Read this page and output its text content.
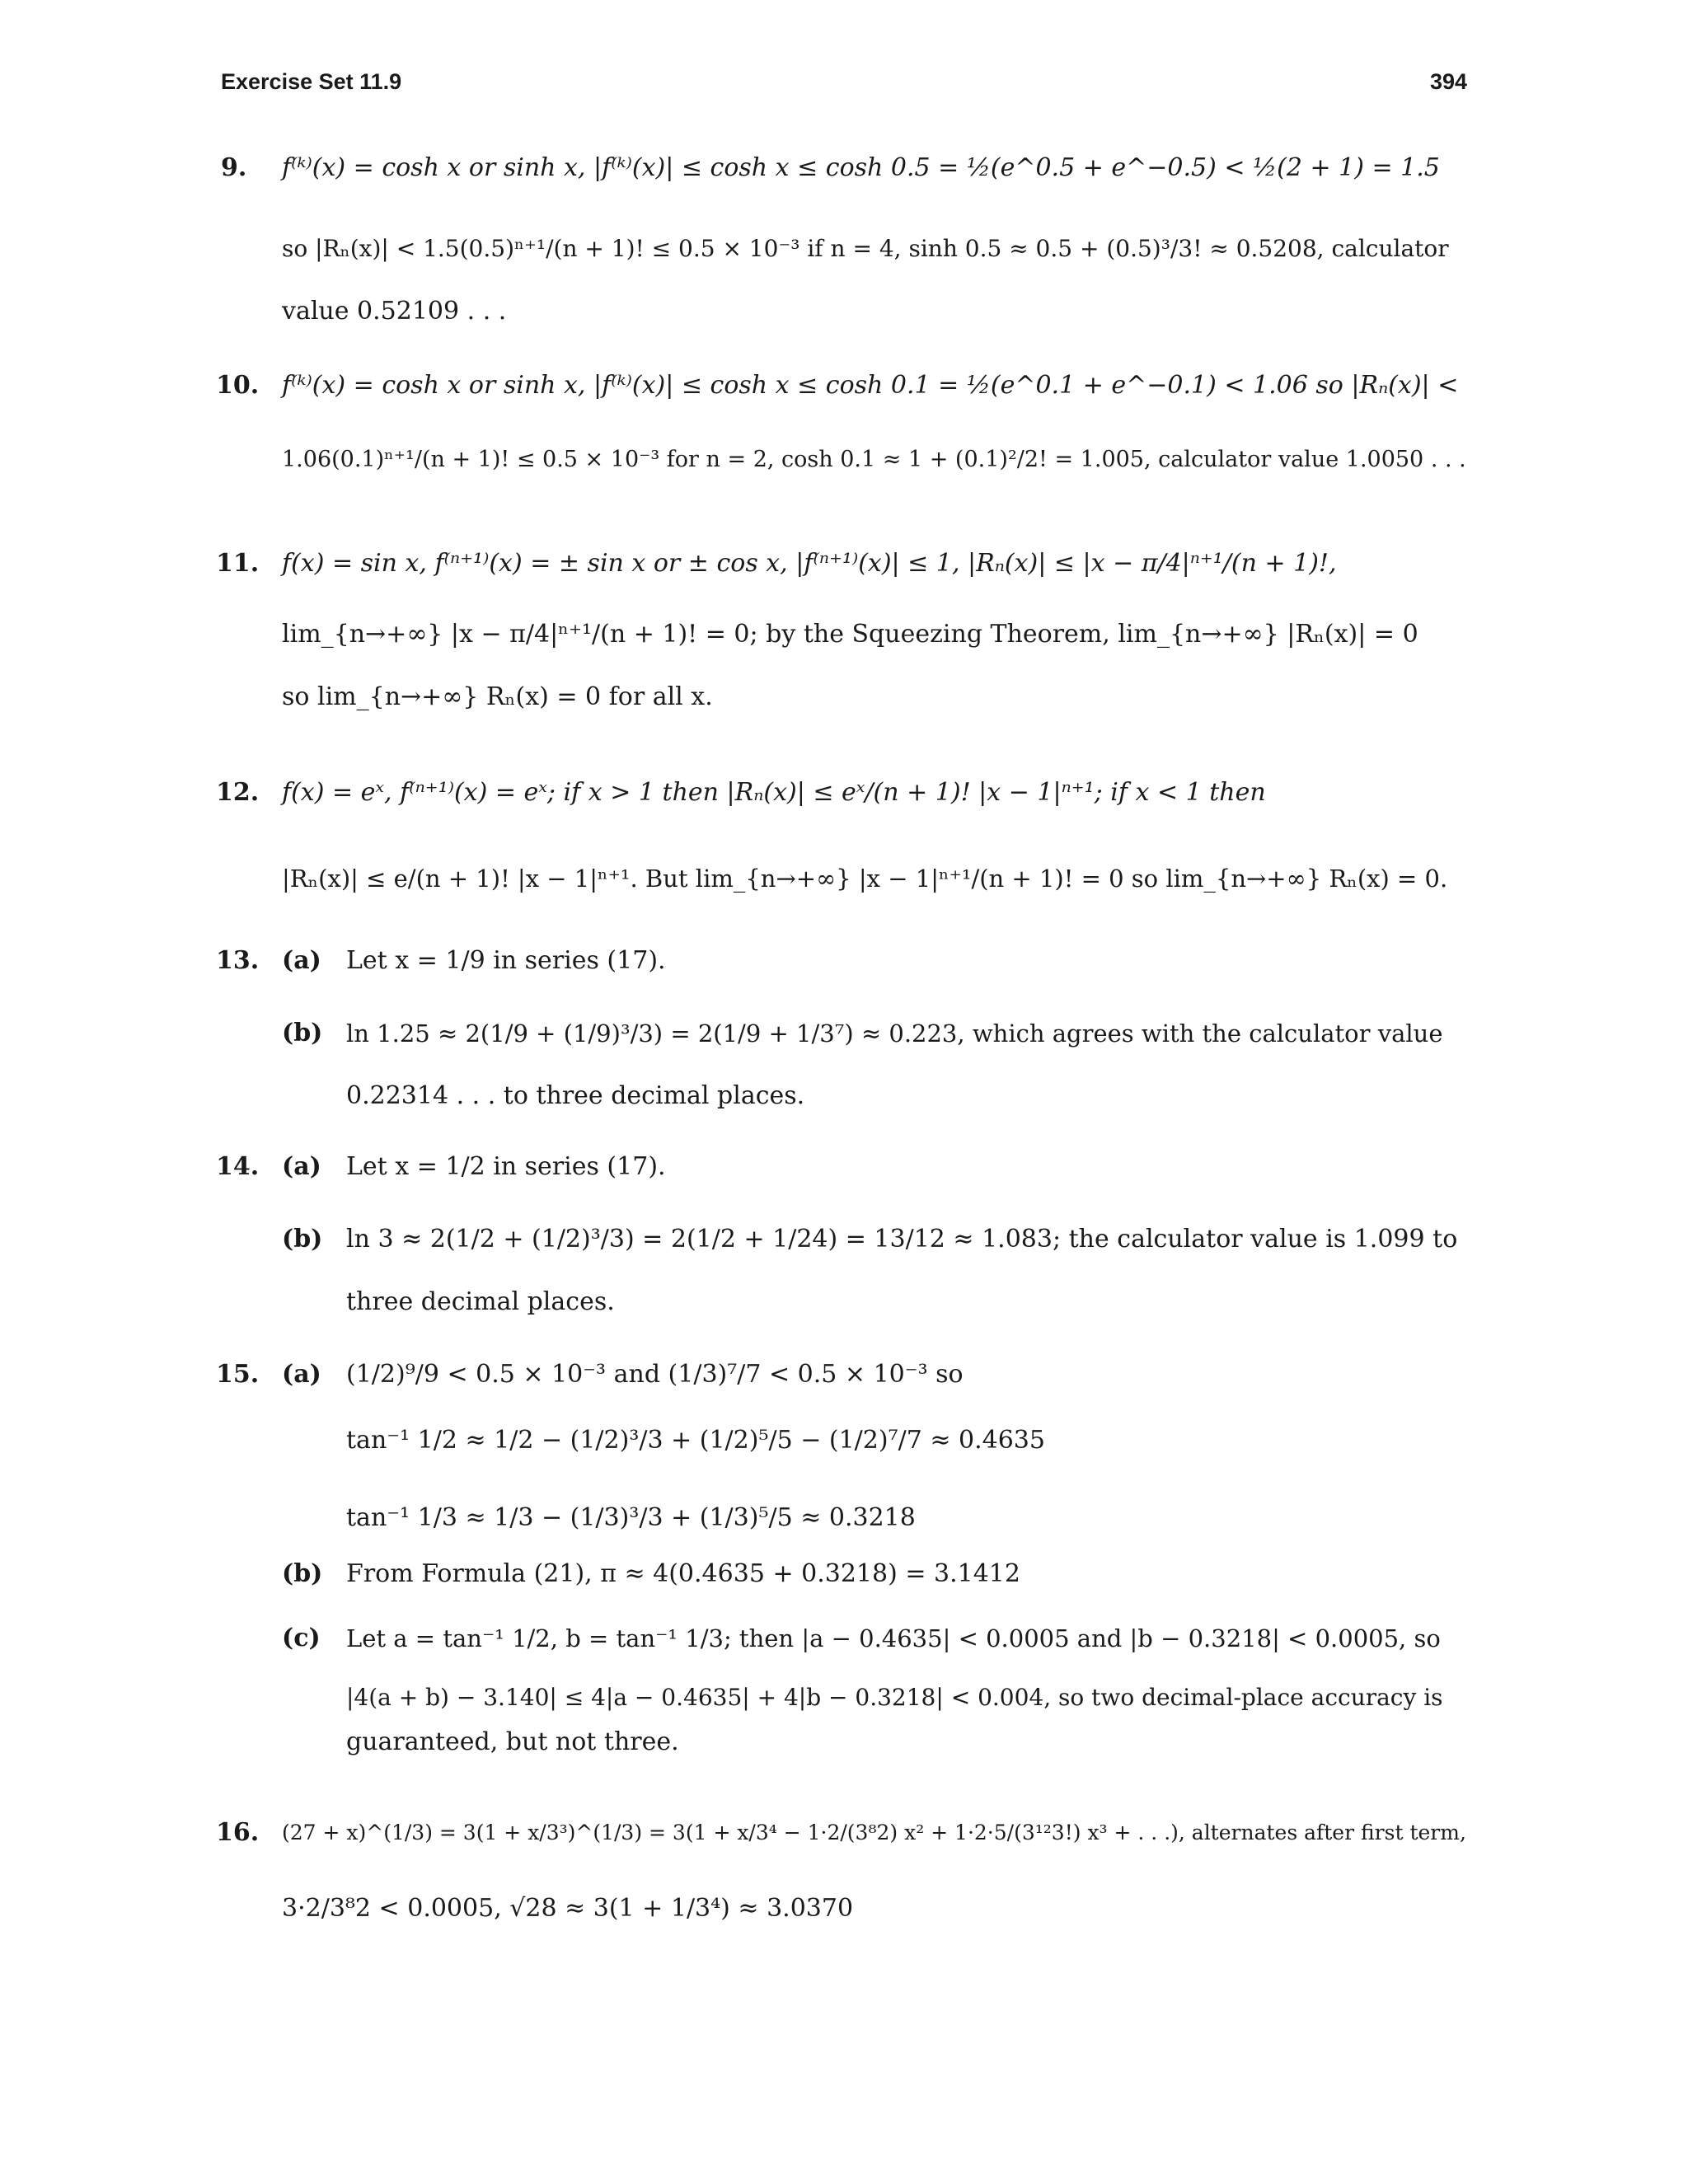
Exercise Set 11.9	394
9. f⁽ᵏ⁾(x) = cosh x or sinh x, |f⁽ᵏ⁾(x)| ≤ cosh x ≤ cosh 0.5 = ½(e^0.5 + e^−0.5) < ½(2 + 1) = 1.5
so |Rₙ(x)| < 1.5(0.5)ⁿ⁺¹/(n + 1)! ≤ 0.5 × 10⁻³ if n = 4, sinh 0.5 ≈ 0.5 + (0.5)³/3! ≈ 0.5208, calculator
value 0.52109 . . .
10. f⁽ᵏ⁾(x) = cosh x or sinh x, |f⁽ᵏ⁾(x)| ≤ cosh x ≤ cosh 0.1 = ½(e^0.1 + e^−0.1) < 1.06 so |Rₙ(x)| <
1.06(0.1)ⁿ⁺¹/(n + 1)! ≤ 0.5 × 10⁻³ for n = 2, cosh 0.1 ≈ 1 + (0.1)²/2! = 1.005, calculator value 1.0050 . . .
11. f(x) = sin x, f⁽ⁿ⁺¹⁾(x) = ± sin x or ± cos x, |f⁽ⁿ⁺¹⁾(x)| ≤ 1, |Rₙ(x)| ≤ |x − π/4|ⁿ⁺¹/(n + 1)!,
lim_{n→+∞} |x − π/4|ⁿ⁺¹/(n + 1)! = 0; by the Squeezing Theorem, lim_{n→+∞} |Rₙ(x)| = 0
so lim_{n→+∞} Rₙ(x) = 0 for all x.
12. f(x) = eˣ, f⁽ⁿ⁺¹⁾(x) = eˣ; if x > 1 then |Rₙ(x)| ≤ eˣ/(n + 1)! |x − 1|ⁿ⁺¹; if x < 1 then
|Rₙ(x)| ≤ e/(n + 1)! |x − 1|ⁿ⁺¹. But lim_{n→+∞} |x − 1|ⁿ⁺¹/(n + 1)! = 0 so lim_{n→+∞} Rₙ(x) = 0.
13. (a) Let x = 1/9 in series (17).
(b) ln 1.25 ≈ 2(1/9 + (1/9)³/3) = 2(1/9 + 1/3⁷) ≈ 0.223, which agrees with the calculator value
0.22314 . . . to three decimal places.
14. (a) Let x = 1/2 in series (17).
(b) ln 3 ≈ 2(1/2 + (1/2)³/3) = 2(1/2 + 1/24) = 13/12 ≈ 1.083; the calculator value is 1.099 to
three decimal places.
15. (a) (1/2)⁹/9 < 0.5 × 10⁻³ and (1/3)⁷/7 < 0.5 × 10⁻³ so
tan⁻¹ 1/2 ≈ 1/2 − (1/2)³/3 + (1/2)⁵/5 − (1/2)⁷/7 ≈ 0.4635
tan⁻¹ 1/3 ≈ 1/3 − (1/3)³/3 + (1/3)⁵/5 ≈ 0.3218
(b) From Formula (21), π ≈ 4(0.4635 + 0.3218) = 3.1412
(c) Let a = tan⁻¹ 1/2, b = tan⁻¹ 1/3; then |a − 0.4635| < 0.0005 and |b − 0.3218| < 0.0005, so
|4(a + b) − 3.140| ≤ 4|a − 0.4635| + 4|b − 0.3218| < 0.004, so two decimal-place accuracy is
guaranteed, but not three.
16. (27 + x)^(1/3) = 3(1 + x/3³)^(1/3) = 3(1 + x/3⁴ − 1·2/(3⁸2) x² + 1·2·5/(3¹²3!) x³ + . . .), alternates after first term,
3·2/3⁸2 < 0.0005, √28 ≈ 3(1 + 1/3⁴) ≈ 3.0370
